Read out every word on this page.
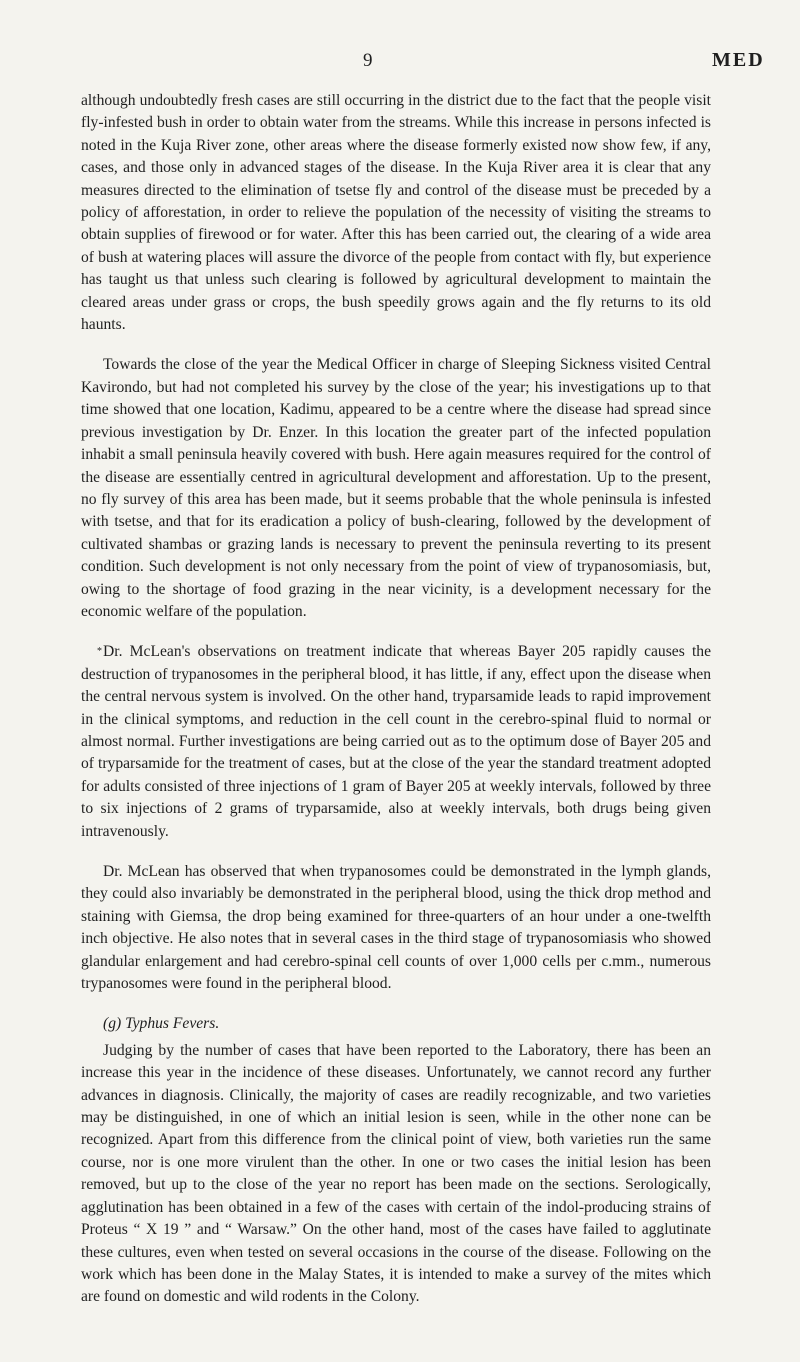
9	MED

although undoubtedly fresh cases are still occurring in the district due to the fact that the people visit fly-infested bush in order to obtain water from the streams. While this increase in persons infected is noted in the Kuja River zone, other areas where the disease formerly existed now show few, if any, cases, and those only in advanced stages of the disease. In the Kuja River area it is clear that any measures directed to the elimination of tsetse fly and control of the disease must be preceded by a policy of afforestation, in order to relieve the population of the necessity of visiting the streams to obtain supplies of firewood or for water. After this has been carried out, the clearing of a wide area of bush at watering places will assure the divorce of the people from contact with fly, but experience has taught us that unless such clearing is followed by agricultural development to maintain the cleared areas under grass or crops, the bush speedily grows again and the fly returns to its old haunts.

Towards the close of the year the Medical Officer in charge of Sleeping Sickness visited Central Kavirondo, but had not completed his survey by the close of the year; his investigations up to that time showed that one location, Kadimu, appeared to be a centre where the disease had spread since previous investigation by Dr. Enzer. In this location the greater part of the infected population inhabit a small peninsula heavily covered with bush. Here again measures required for the control of the disease are essentially centred in agricultural development and afforestation. Up to the present, no fly survey of this area has been made, but it seems probable that the whole peninsula is infested with tsetse, and that for its eradication a policy of bush-clearing, followed by the development of cultivated shambas or grazing lands is necessary to prevent the peninsula reverting to its present condition. Such development is not only necessary from the point of view of trypanosomiasis, but, owing to the shortage of food grazing in the near vicinity, is a development necessary for the economic welfare of the population.

* Dr. McLean's observations on treatment indicate that whereas Bayer 205 rapidly causes the destruction of trypanosomes in the peripheral blood, it has little, if any, effect upon the disease when the central nervous system is involved. On the other hand, tryparsamide leads to rapid improvement in the clinical symptoms, and reduction in the cell count in the cerebro-spinal fluid to normal or almost normal. Further investigations are being carried out as to the optimum dose of Bayer 205 and of tryparsamide for the treatment of cases, but at the close of the year the standard treatment adopted for adults consisted of three injections of 1 gram of Bayer 205 at weekly intervals, followed by three to six injections of 2 grams of tryparsamide, also at weekly intervals, both drugs being given intravenously.

Dr. McLean has observed that when trypanosomes could be demonstrated in the lymph glands, they could also invariably be demonstrated in the peripheral blood, using the thick drop method and staining with Giemsa, the drop being examined for three-quarters of an hour under a one-twelfth inch objective. He also notes that in several cases in the third stage of trypanosomiasis who showed glandular enlargement and had cerebro-spinal cell counts of over 1,000 cells per c.mm., numerous trypanosomes were found in the peripheral blood.

(g) Typhus Fevers.

Judging by the number of cases that have been reported to the Laboratory, there has been an increase this year in the incidence of these diseases. Unfortunately, we cannot record any further advances in diagnosis. Clinically, the majority of cases are readily recognizable, and two varieties may be distinguished, in one of which an initial lesion is seen, while in the other none can be recognized. Apart from this difference from the clinical point of view, both varieties run the same course, nor is one more virulent than the other. In one or two cases the initial lesion has been removed, but up to the close of the year no report has been made on the sections. Serologically, agglutination has been obtained in a few of the cases with certain of the indol-producing strains of Proteus “ X 19 ” and “ Warsaw.” On the other hand, most of the cases have failed to agglutinate these cultures, even when tested on several occasions in the course of the disease. Following on the work which has been done in the Malay States, it is intended to make a survey of the mites which are found on domestic and wild rodents in the Colony.
